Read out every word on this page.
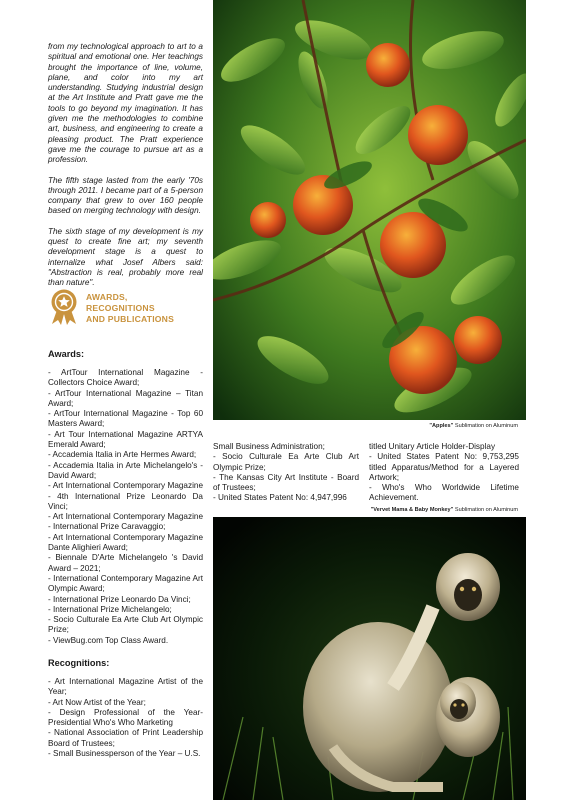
from my technological approach to art to a spiritual and emotional one. Her teachings brought the importance of line, volume, plane, and color into my art understanding. Studying industrial design at the Art Institute and Pratt gave me the tools to go beyond my imagination. It has given me the methodologies to combine art, business, and engineering to create a pleasing product. The Pratt experience gave me the courage to pursue art as a profession.

The fifth stage lasted from the early '70s through 2011. I became part of a 5-person company that grew to over 160 people based on merging technology with design.

The sixth stage of my development is my quest to create fine art; my seventh development stage is a quest to internalize what Josef Albers said: "Abstraction is real, probably more real than nature".

AWARDS,
RECOGNITIONS
AND PUBLICATIONS
Awards:
- ArtTour International Magazine - Collectors Choice Award;
- ArtTour International Magazine – Titan Award;
- ArtTour International Magazine - Top 60 Masters Award;
- Art Tour International Magazine ARTYA Emerald Award;
- Accademia Italia in Arte Hermes Award;
- Accademia Italia in Arte Michelangelo's - David Award;
- Art International Contemporary Magazine - 4th International Prize Leonardo Da Vinci;
- Art International Contemporary Magazine - International Prize Caravaggio;
- Art International Contemporary Magazine Dante Alighieri Award;
- Biennale D'Arte Michelangelo 's David Award – 2021;
- International Contemporary Magazine Art Olympic Award;
- International Prize Leonardo Da Vinci;
- International Prize Michelangelo;
- Socio Culturale Ea Arte Club Art Olympic Prize;
- ViewBug.com Top Class Award.
Recognitions:
- Art International Magazine Artist of the Year;
- Art Now Artist of the Year;
- Design Professional of the Year- Presidential Who's Who Marketing
- National Association of Print Leadership Board of Trustees;
- Small Businessperson of the Year – U.S.
Small Business Administration;
- Socio Culturale Ea Arte Club Art Olympic Prize;
- The Kansas City Art Institute - Board of Trustees;
- United States Patent No: 4,947,996
titled Unitary Article Holder-Display
- United States Patent No: 9,753,295 titled Apparatus/Method for a Layered Artwork;
- Who's Who Worldwide Lifetime Achievement.
"Apples" Sublimation on Aluminum
"Vervet Mama & Baby Monkey" Sublimation on Aluminum
